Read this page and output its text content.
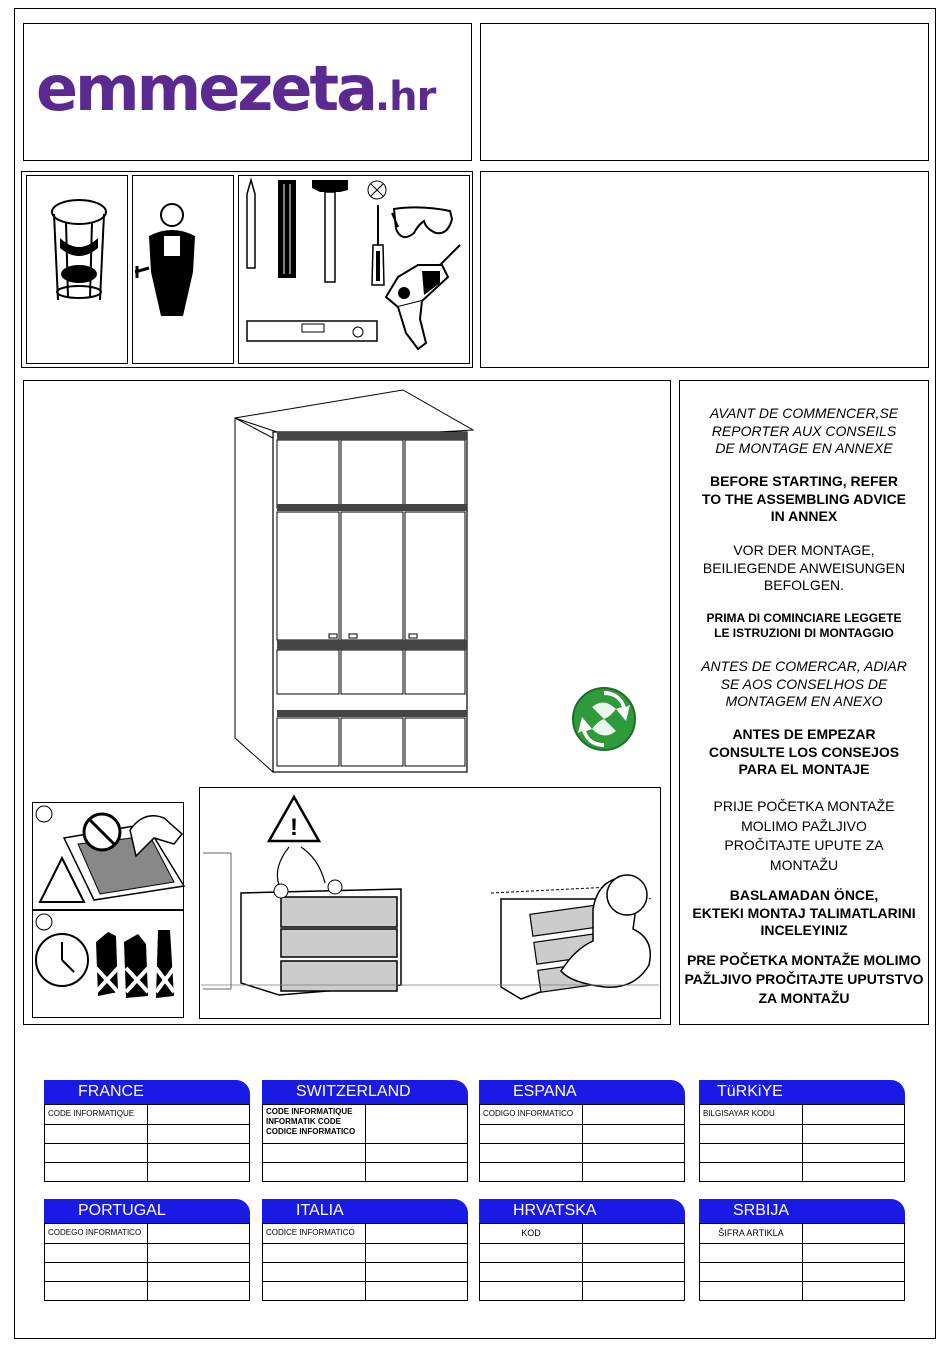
emmezeta.hr
!

AVANT DE COMMENCER,SE
REPORTER AUX CONSEILS
DE MONTAGE EN ANNEXE

BEFORE STARTING, REFER
TO THE ASSEMBLING ADVICE
IN ANNEX

VOR DER MONTAGE,
BEILIEGENDE ANWEISUNGEN
BEFOLGEN.

PRIMA DI COMINCIARE LEGGETE
LE ISTRUZIONI DI MONTAGGIO

ANTES DE COMERCAR, ADIAR
SE AOS CONSELHOS DE
MONTAGEM EN ANEXO

ANTES DE EMPEZAR
CONSULTE LOS CONSEJOS
PARA EL MONTAJE

PRIJE POČETKA MONTAŽE
MOLIMO PAŽLJIVO
PROČITAJTE UPUTE ZA
MONTAŽU

BASLAMADAN ÖNCE,
EKTEKI MONTAJ TALIMATLARINI
INCELEYINIZ

PRE POČETKA MONTAŽE MOLIMO
PAŽLJIVO PROČITAJTE UPUTSTVO
ZA MONTAŽU

FRANCE
CODE INFORMATIQUE
SWITZERLAND
CODE INFORMATIQUE
INFORMATIK CODE
CODICE INFORMATICO
ESPANA
CODIGO INFORMATICO
TüRKiYE
BILGISAYAR KODU
PORTUGAL
CODEGO INFORMATICO
ITALIA
CODICE INFORMATICO
HRVATSKA
KOD
SRBIJA
ŠIFRA ARTIKLA
